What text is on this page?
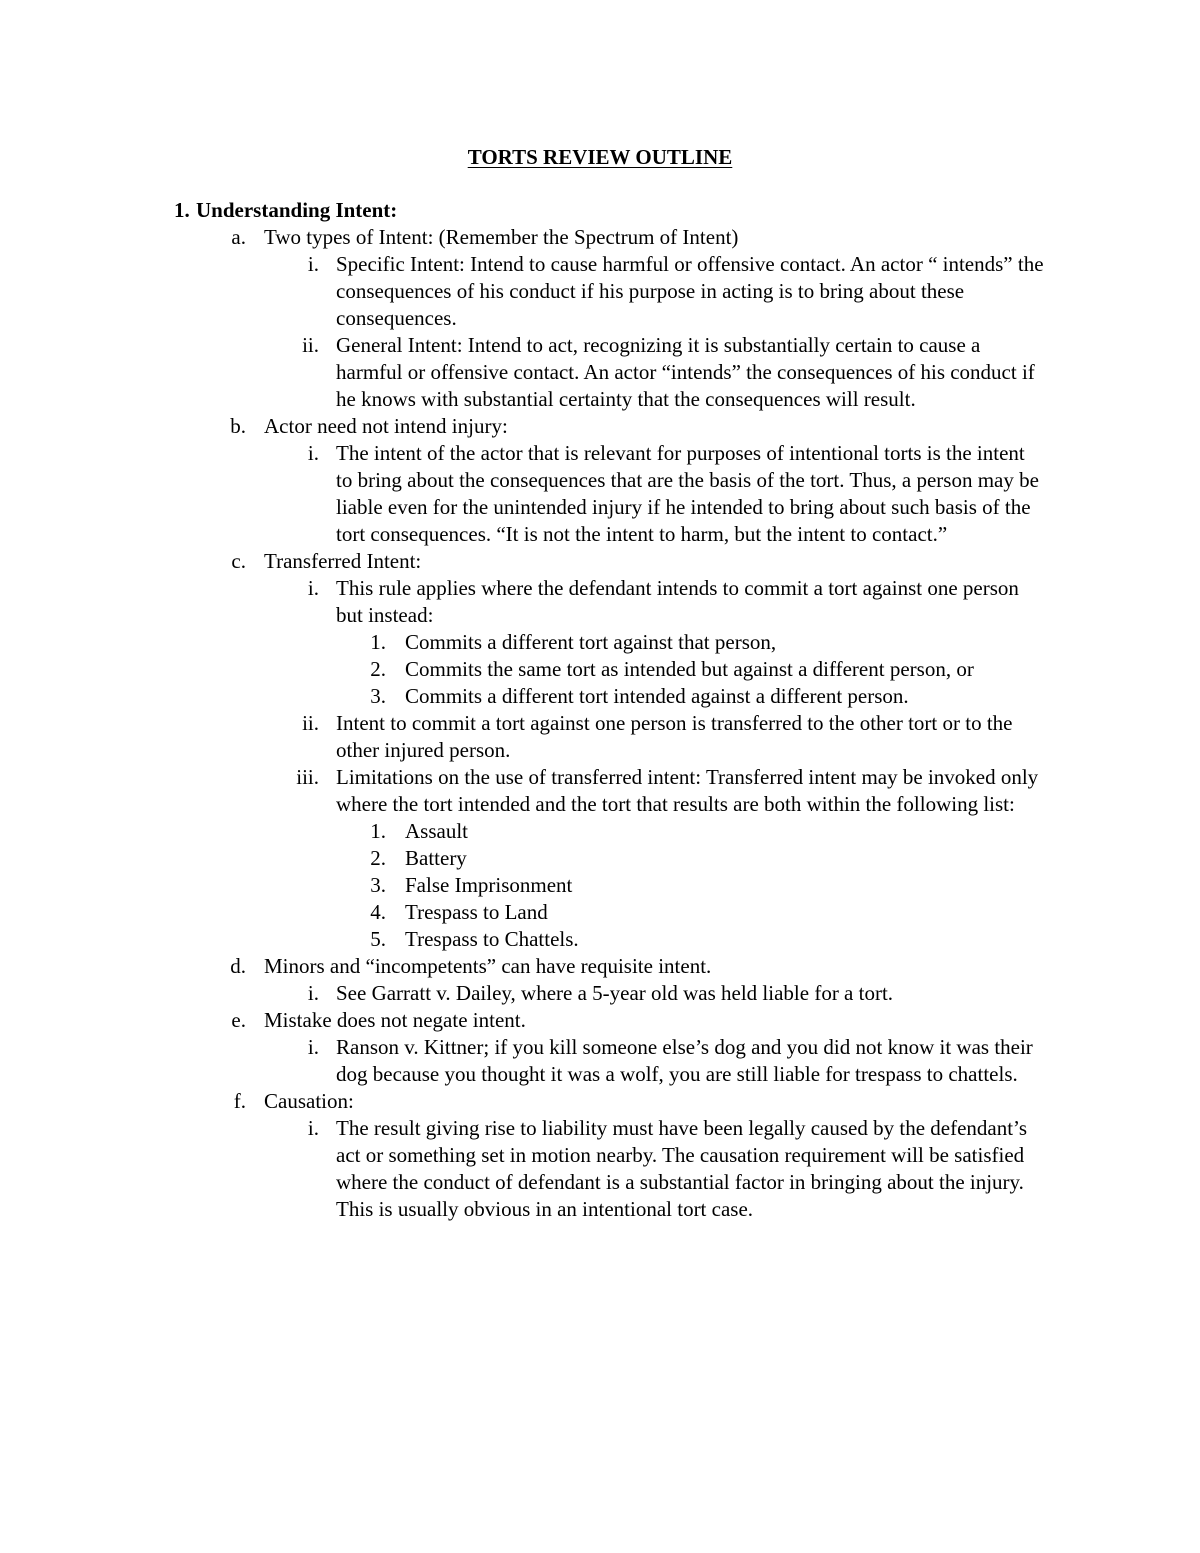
TORTS REVIEW OUTLINE
1. Understanding Intent:
a. Two types of Intent: (Remember the Spectrum of Intent)
i. Specific Intent: Intend to cause harmful or offensive contact. An actor “ intends” the consequences of his conduct if his purpose in acting is to bring about these consequences.
ii. General Intent: Intend to act, recognizing it is substantially certain to cause a harmful or offensive contact. An actor “intends” the consequences of his conduct if he knows with substantial certainty that the consequences will result.
b. Actor need not intend injury:
i. The intent of the actor that is relevant for purposes of intentional torts is the intent to bring about the consequences that are the basis of the tort. Thus, a person may be liable even for the unintended injury if he intended to bring about such basis of the tort consequences. “It is not the intent to harm, but the intent to contact.”
c. Transferred Intent:
i. This rule applies where the defendant intends to commit a tort against one person but instead:
1. Commits a different tort against that person,
2. Commits the same tort as intended but against a different person, or
3. Commits a different tort intended against a different person.
ii. Intent to commit a tort against one person is transferred to the other tort or to the other injured person.
iii. Limitations on the use of transferred intent: Transferred intent may be invoked only where the tort intended and the tort that results are both within the following list:
1. Assault
2. Battery
3. False Imprisonment
4. Trespass to Land
5. Trespass to Chattels.
d. Minors and “incompetents” can have requisite intent.
i. See Garratt v. Dailey, where a 5-year old was held liable for a tort.
e. Mistake does not negate intent.
i. Ranson v. Kittner; if you kill someone else’s dog and you did not know it was their dog because you thought it was a wolf, you are still liable for trespass to chattels.
f. Causation:
i. The result giving rise to liability must have been legally caused by the defendant’s act or something set in motion nearby. The causation requirement will be satisfied where the conduct of defendant is a substantial factor in bringing about the injury. This is usually obvious in an intentional tort case.
